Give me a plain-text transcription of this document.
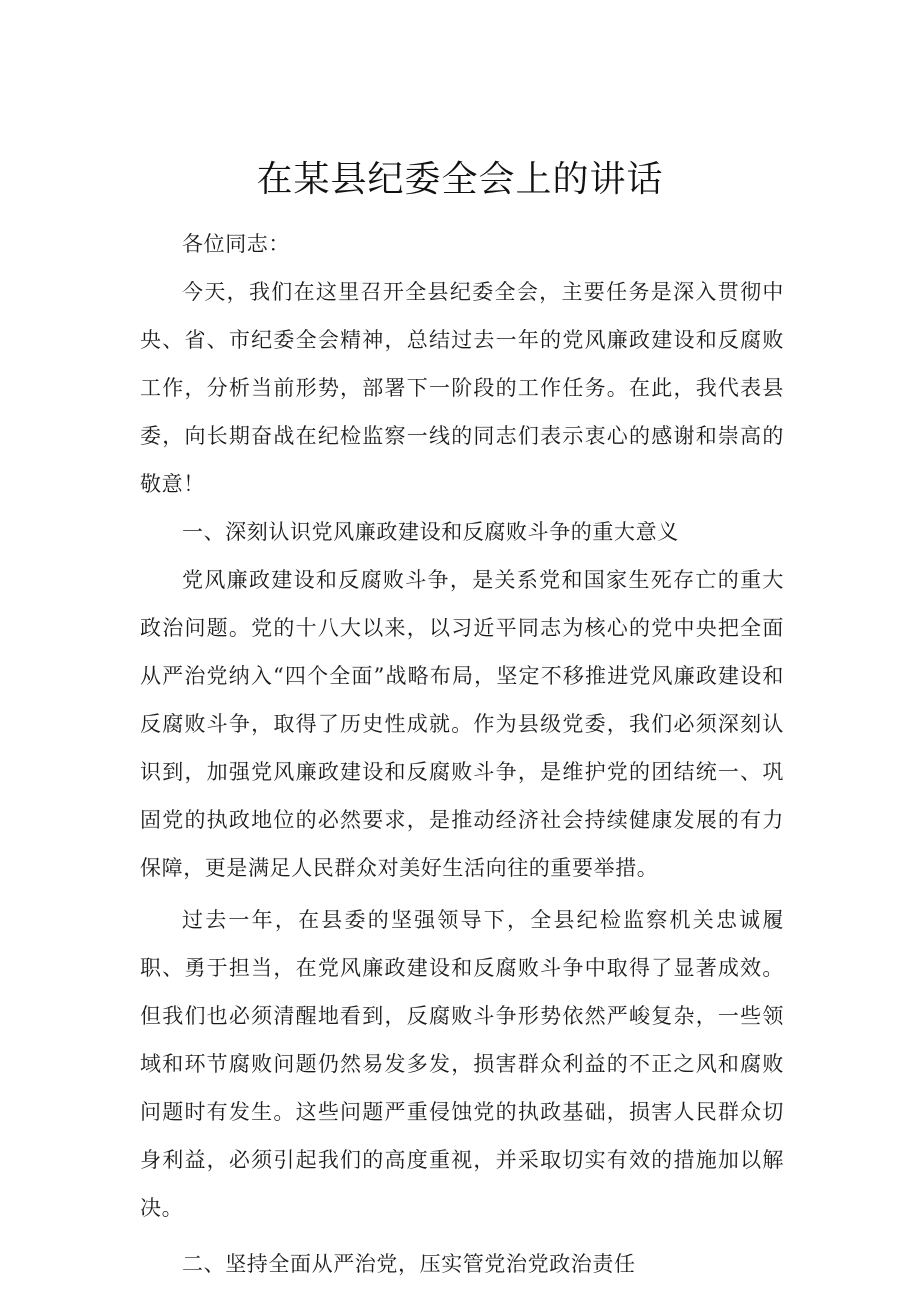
在某县纪委全会上的讲话

各位同志：

今天，我们在这里召开全县纪委全会，主要任务是深入贯彻中央、省、市纪委全会精神，总结过去一年的党风廉政建设和反腐败工作，分析当前形势，部署下一阶段的工作任务。在此，我代表县委，向长期奋战在纪检监察一线的同志们表示衷心的感谢和崇高的敬意！

一、深刻认识党风廉政建设和反腐败斗争的重大意义

党风廉政建设和反腐败斗争，是关系党和国家生死存亡的重大政治问题。党的十八大以来，以习近平同志为核心的党中央把全面从严治党纳入“四个全面”战略布局，坚定不移推进党风廉政建设和反腐败斗争，取得了历史性成就。作为县级党委，我们必须深刻认识到，加强党风廉政建设和反腐败斗争，是维护党的团结统一、巩固党的执政地位的必然要求，是推动经济社会持续健康发展的有力保障，更是满足人民群众对美好生活向往的重要举措。

过去一年，在县委的坚强领导下，全县纪检监察机关忠诚履职、勇于担当，在党风廉政建设和反腐败斗争中取得了显著成效。但我们也必须清醒地看到，反腐败斗争形势依然严峻复杂，一些领域和环节腐败问题仍然易发多发，损害群众利益的不正之风和腐败问题时有发生。这些问题严重侵蚀党的执政基础，损害人民群众切身利益，必须引起我们的高度重视，并采取切实有效的措施加以解决。

二、坚持全面从严治党，压实管党治党政治责任
